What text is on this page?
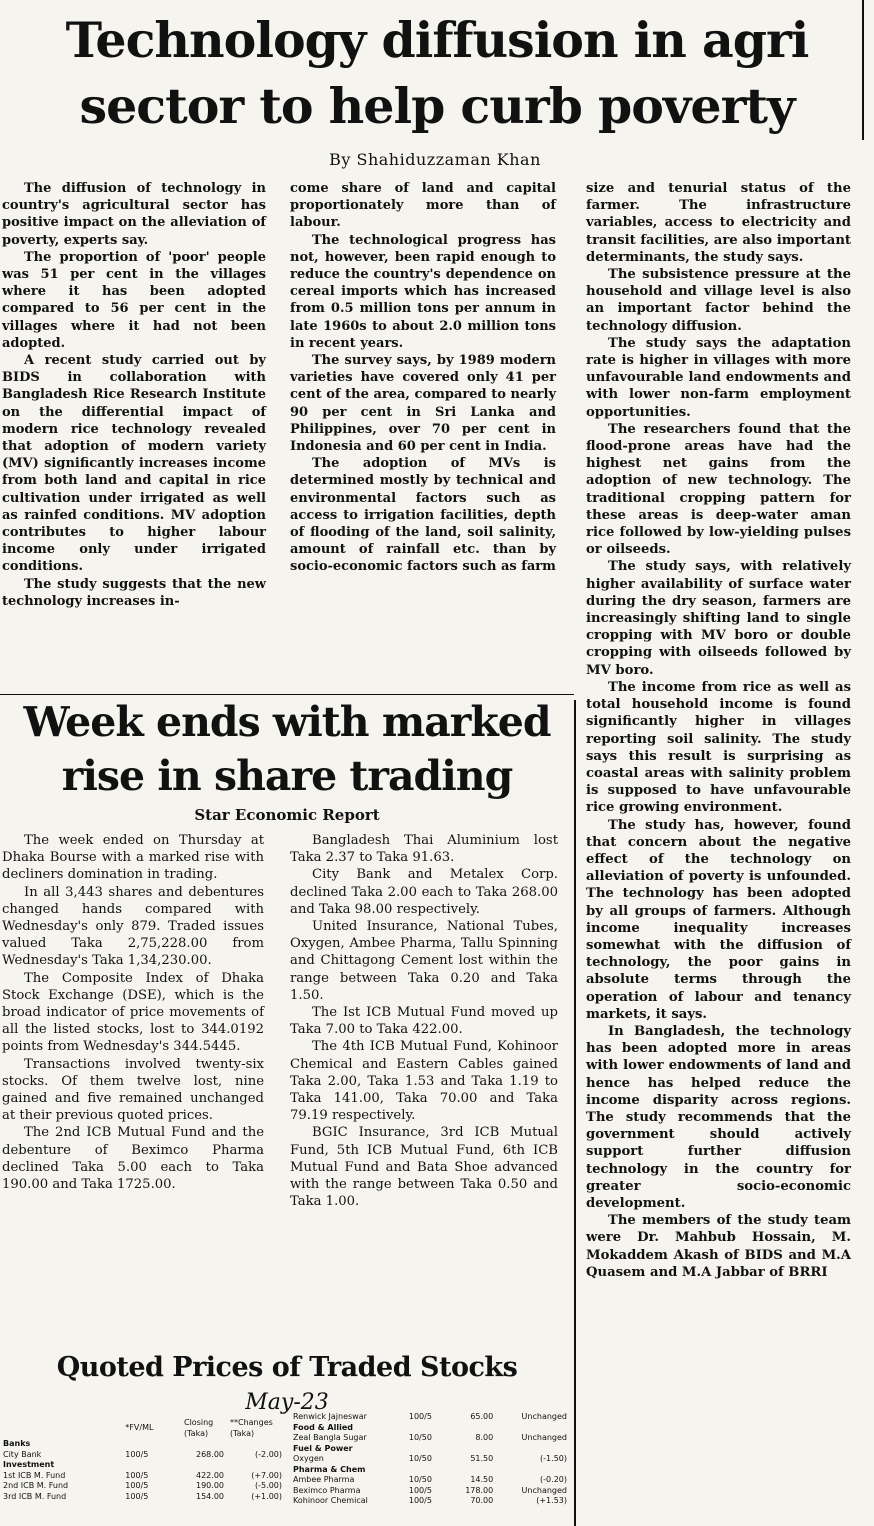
Technology diffusion in agri
sector to help curb poverty
By Shahiduzzaman Khan

The diffusion of technology in country's agricultural sector has positive impact on the alleviation of poverty, experts say.

The proportion of 'poor' people was 51 per cent in the villages where it has been adopted compared to 56 per cent in the villages where it had not been adopted.

A recent study carried out by BIDS in collaboration with Bangladesh Rice Research Institute on the differential impact of modern rice technology revealed that adoption of modern variety (MV) significantly increases income from both land and capital in rice cultivation under irrigated as well as rainfed conditions. MV adoption contributes to higher labour income only under irrigated conditions.

The study suggests that the new technology increases in-

come share of land and capital proportionately more than of labour.

The technological progress has not, however, been rapid enough to reduce the country's dependence on cereal imports which has increased from 0.5 million tons per annum in late 1960s to about 2.0 million tons in recent years.

The survey says, by 1989 modern varieties have covered only 41 per cent of the area, compared to nearly 90 per cent in Sri Lanka and Philippines, over 70 per cent in Indonesia and 60 per cent in India.

The adoption of MVs is determined mostly by technical and environmental factors such as access to irrigation facilities, depth of flooding of the land, soil salinity, amount of rainfall etc. than by socio-economic factors such as farm

size and tenurial status of the farmer. The infrastructure variables, access to electricity and transit facilities, are also important determinants, the study says.

The subsistence pressure at the household and village level is also an important factor behind the technology diffusion.

The study says the adaptation rate is higher in villages with more unfavourable land endowments and with lower non-farm employment opportunities.

The researchers found that the flood-prone areas have had the highest net gains from the adoption of new technology. The traditional cropping pattern for these areas is deep-water aman rice followed by low-yielding pulses or oilseeds.

The study says, with relatively higher availability of surface water during the dry season, farmers are increasingly shifting land to single cropping with MV boro or double cropping with oilseeds followed by MV boro.

The income from rice as well as total household income is found significantly higher in villages reporting soil salinity. The study says this result is surprising as coastal areas with salinity problem is supposed to have unfavourable rice growing environment.

The study has, however, found that concern about the negative effect of the technology on alleviation of poverty is unfounded. The technology has been adopted by all groups of farmers. Although income inequality increases somewhat with the diffusion of technology, the poor gains in absolute terms through the operation of labour and tenancy markets, it says.

In Bangladesh, the technology has been adopted more in areas with lower endowments of land and hence has helped reduce the income disparity across regions. The study recommends that the government should actively support further diffusion technology in the country for greater socio-economic development.

The members of the study team were Dr. Mahbub Hossain, M. Mokaddem Akash of BIDS and M.A Quasem and M.A Jabbar of BRRI

Week ends with marked
rise in share trading
Star Economic Report

The week ended on Thursday at Dhaka Bourse with a marked rise with decliners domination in trading.

In all 3,443 shares and debentures changed hands compared with Wednesday's only 879. Traded issues valued Taka 2,75,228.00 from Wednesday's Taka 1,34,230.00.

The Composite Index of Dhaka Stock Exchange (DSE), which is the broad indicator of price movements of all the listed stocks, lost to 344.0192 points from Wednesday's 344.5445.

Transactions involved twenty-six stocks. Of them twelve lost, nine gained and five remained unchanged at their previous quoted prices.

The 2nd ICB Mutual Fund and the debenture of Beximco Pharma declined Taka 5.00 each to Taka 190.00 and Taka 1725.00.

Bangladesh Thai Aluminium lost Taka 2.37 to Taka 91.63.

City Bank and Metalex Corp. declined Taka 2.00 each to Taka 268.00 and Taka 98.00 respectively.

United Insurance, National Tubes, Oxygen, Ambee Pharma, Tallu Spinning and Chittagong Cement lost within the range between Taka 0.20 and Taka 1.50.

The Ist ICB Mutual Fund moved up Taka 7.00 to Taka 422.00.

The 4th ICB Mutual Fund, Kohinoor Chemical and Eastern Cables gained Taka 2.00, Taka 1.53 and Taka 1.19 to Taka 141.00, Taka 70.00 and Taka 79.19 respectively.

BGIC Insurance, 3rd ICB Mutual Fund, 5th ICB Mutual Fund, 6th ICB Mutual Fund and Bata Shoe advanced with the range between Taka 0.50 and Taka 1.00.

Quoted Prices of Traded Stocks
May-23
	*FV/ML	Closing (Taka)	**Changes (Taka)
Banks			
City Bank	100/5	268.00	(-2.00)
Investment			
1st ICB M. Fund	100/5	422.00	(+7.00)
2nd ICB M. Fund	100/5	190.00	(-5.00)
3rd ICB M. Fund	100/5	154.00	(+1.00)
Renwick Jajneswar	100/5	65.00	Unchanged
Food & Allied			
Zeal Bangla Sugar	10/50	8.00	Unchanged
Fuel & Power			
Oxygen	10/50	51.50	(-1.50)
Pharma & Chem			
Ambee Pharma	10/50	14.50	(-0.20)
Beximco Pharma	100/5	178.00	Unchanged
Kohinoor Chemical	100/5	70.00	(+1.53)
